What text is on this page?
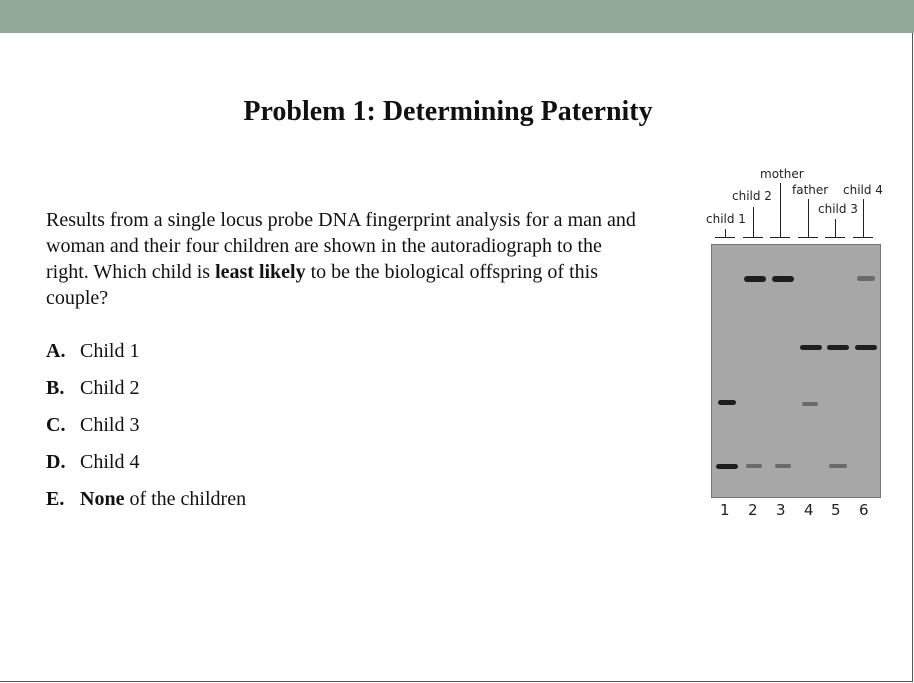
Problem 1: Determining Paternity
Results from a single locus probe DNA fingerprint analysis for a man and woman and their four children are shown in the autoradiograph to the right. Which child is least likely to be the biological offspring of this couple?
A. Child 1
B. Child 2
C. Child 3
D. Child 4
E. None of the children
mother
child 2 father child 4
child 1
child 3
1 2 3 4 5 6
